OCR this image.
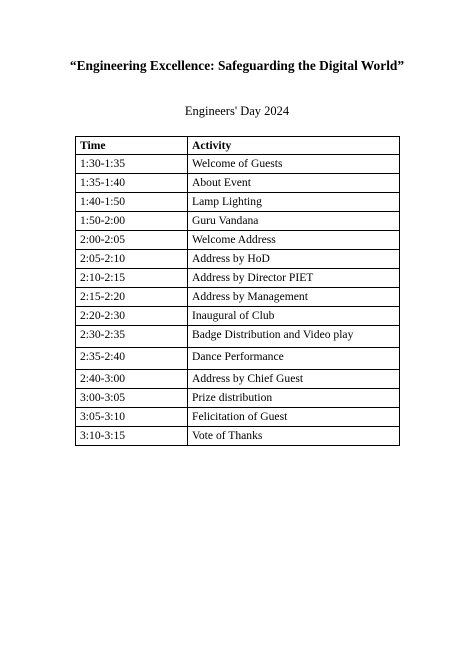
“Engineering Excellence: Safeguarding the Digital World”
Engineers' Day 2024
Time	Activity
1:30-1:35	Welcome of Guests
1:35-1:40	About Event
1:40-1:50	Lamp Lighting
1:50-2:00	Guru Vandana
2:00-2:05	Welcome Address
2:05-2:10	Address by HoD
2:10-2:15	Address by Director PIET
2:15-2:20	Address by Management
2:20-2:30	Inaugural of Club
2:30-2:35	Badge Distribution and Video play
2:35-2:40	Dance Performance
2:40-3:00	Address by Chief Guest
3:00-3:05	Prize distribution
3:05-3:10	Felicitation of Guest
3:10-3:15	Vote of Thanks
